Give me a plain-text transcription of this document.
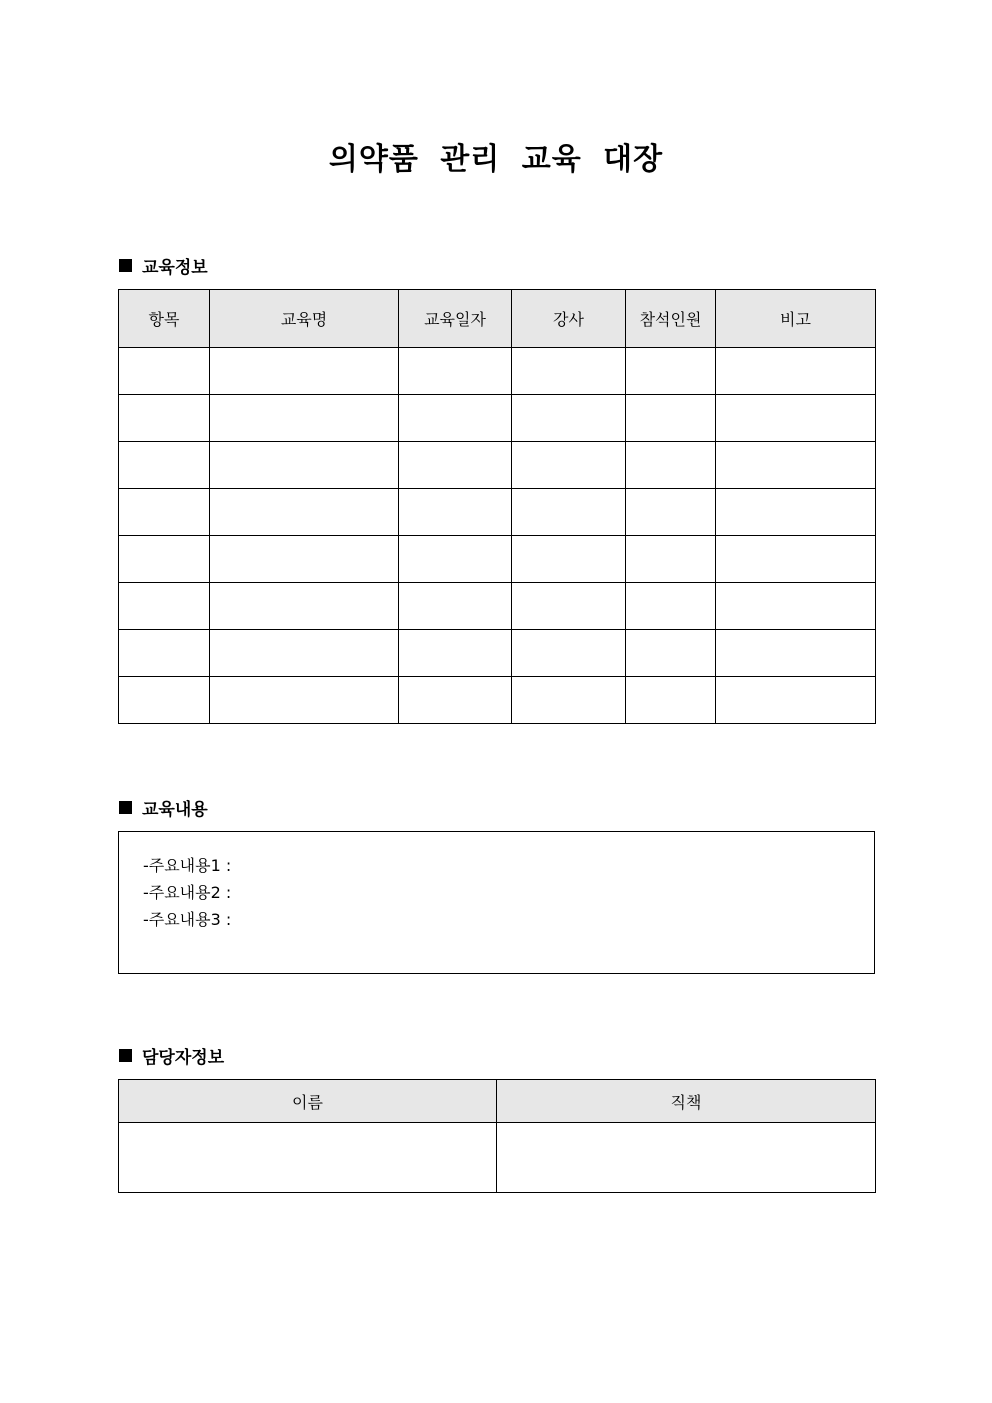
의약품 관리 교육 대장
교육정보
항목	교육명	교육일자	강사	참석인원	비고

교육내용
-주요내용1 :
-주요내용2 :
-주요내용3 :
담당자정보
이름	직책
